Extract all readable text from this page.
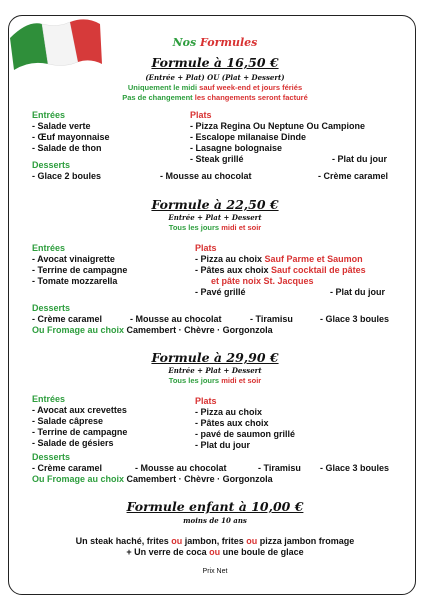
Nos Formules
Formule à 16,50 €
(Entrée + Plat) OU (Plat + Dessert)
Uniquement le midi sauf week-end et jours fériés
Pas de changement les changements seront facturé
Entrées
- Salade verte
- Œuf mayonnaise
- Salade de thon
Plats
- Pizza Regina Ou Neptune Ou Campione
- Escalope milanaise Dinde
- Lasagne bolognaise
- Steak grillé	- Plat du jour
Desserts
- Glace 2 boules	- Mousse au chocolat	- Crème caramel
Formule à 22,50 €
Entrée + Plat + Dessert
Tous les jours midi et soir
Entrées
- Avocat vinaigrette
- Terrine de campagne
- Tomate mozzarella
Plats
- Pizza au choix Sauf Parme et Saumon
- Pâtes aux choix Sauf cocktail de pâtes
et pâte noix St. Jacques
- Pavé grillé	- Plat du jour
Desserts
- Crème caramel	- Mousse au chocolat	- Tiramisu	- Glace 3 boules
Ou Fromage au choix Camembert · Chèvre · Gorgonzola
Formule à 29,90 €
Entrée + Plat + Dessert
Tous les jours midi et soir
Entrées
- Avocat aux crevettes
- Salade câprese
- Terrine de campagne
- Salade de gésiers
Plats
- Pizza au choix
- Pâtes aux choix
- pavé de saumon grillé
- Plat du jour
Desserts
- Crème caramel	- Mousse au chocolat	- Tiramisu - Glace 3 boules
Ou Fromage au choix Camembert · Chèvre · Gorgonzola
Formule enfant à 10,00 €
moins de 10 ans
Un steak haché, frites ou jambon, frites ou pizza jambon fromage
+ Un verre de coca ou une boule de glace
Prix Net
